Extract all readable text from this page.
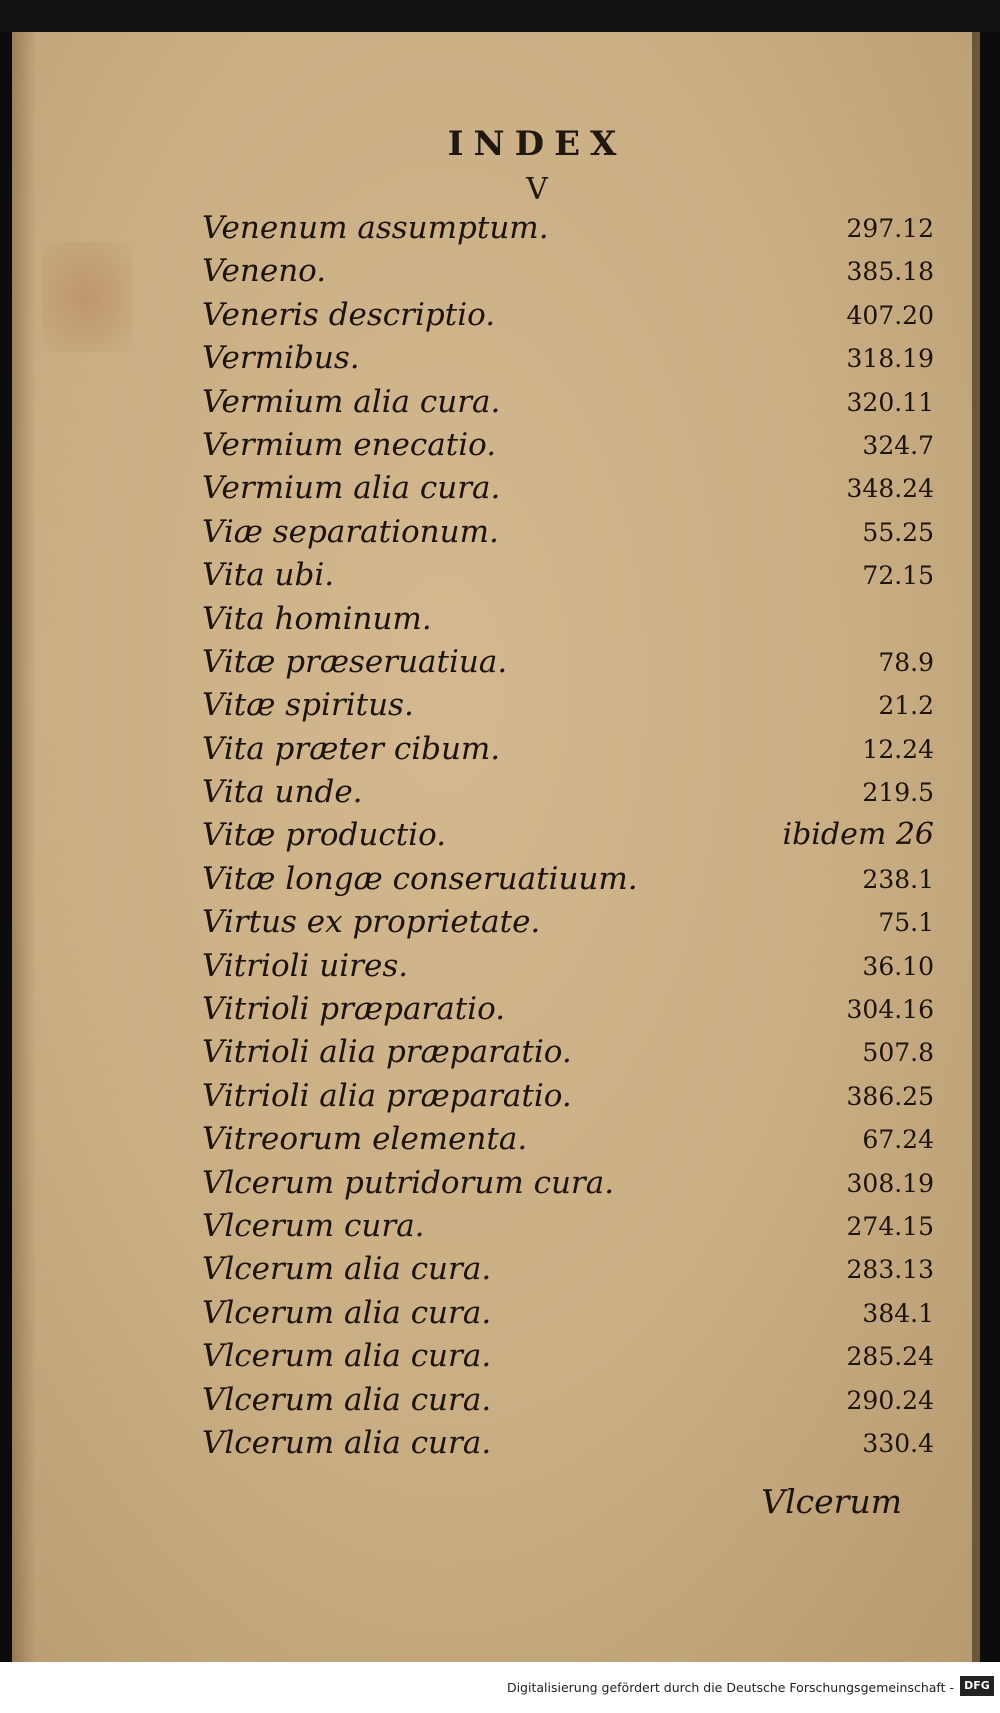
INDEX
V
Venenum assumptum.	297.12
Veneno.	385.18
Veneris descriptio.	407.20
Vermibus.	318.19
Vermium alia cura.	320.11
Vermium enecatio.	324.7
Vermium alia cura.	348.24
Viæ separationum.	55.25
Vita ubi.	72.15
Vita hominum.
Vitæ præseruatiua.	78.9
Vitæ spiritus.	21.2
Vita præter cibum.	12.24
Vita unde.	219.5
Vitæ productio.	ibidem 26
Vitæ longæ conseruatiuum.	238.1
Virtus ex proprietate.	75.1
Vitrioli uires.	36.10
Vitrioli præparatio.	304.16
Vitrioli alia præparatio.	507.8
Vitrioli alia præparatio.	386.25
Vitreorum elementa.	67.24
Vlcerum putridorum cura.	308.19
Vlcerum cura.	274.15
Vlcerum alia cura.	283.13
Vlcerum alia cura.	384.1
Vlcerum alia cura.	285.24
Vlcerum alia cura.	290.24
Vlcerum alia cura.	330.4
Vlcerum
Digitalisierung gefördert durch die Deutsche Forschungsgemeinschaft - DFG
